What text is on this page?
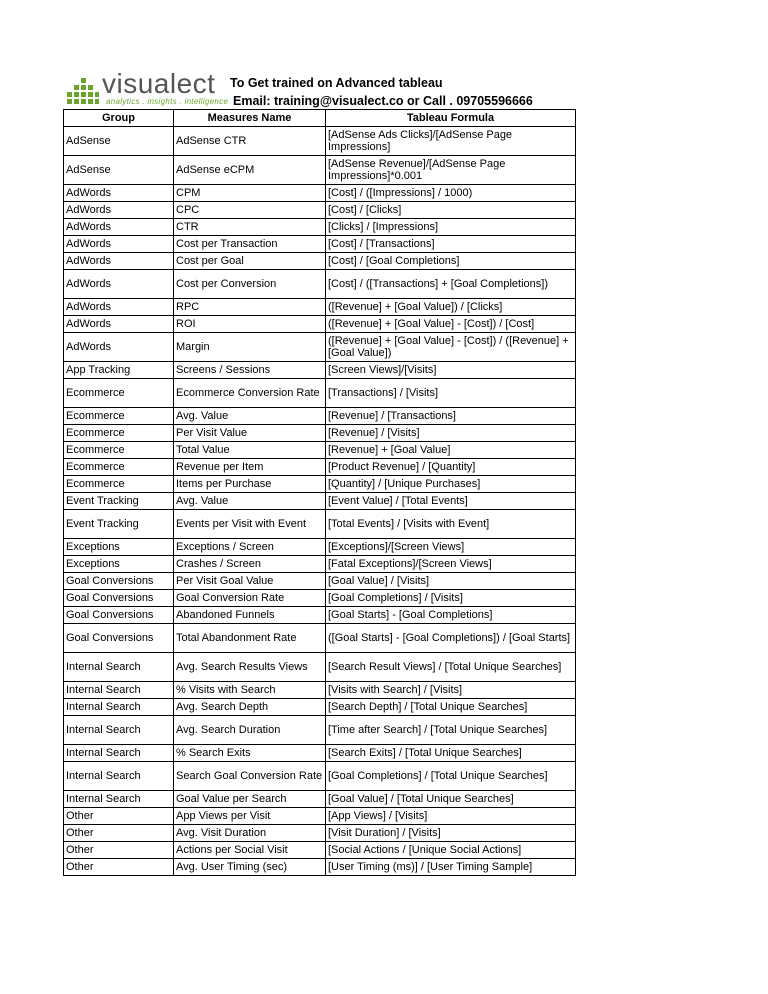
visualect
analytics . insights . intelligence
To Get trained on Advanced tableau
Email: training@visualect.co or Call . 09705596666
Group	Measures Name	Tableau Formula
AdSense	AdSense CTR	[AdSense Ads Clicks]/[AdSense Page Impressions]
AdSense	AdSense eCPM	[AdSense Revenue]/[AdSense Page Impressions]*0.001
AdWords	CPM	[Cost] / ([Impressions] / 1000)
AdWords	CPC	[Cost] / [Clicks]
AdWords	CTR	[Clicks] / [Impressions]
AdWords	Cost per Transaction	[Cost] / [Transactions]
AdWords	Cost per Goal	[Cost] / [Goal Completions]
AdWords	Cost per Conversion	[Cost] / ([Transactions] + [Goal Completions])
AdWords	RPC	([Revenue] + [Goal Value]) / [Clicks]
AdWords	ROI	([Revenue] + [Goal Value] - [Cost]) / [Cost]
AdWords	Margin	([Revenue] + [Goal Value] - [Cost]) / ([Revenue] + [Goal Value])
App Tracking	Screens / Sessions	[Screen Views]/[Visits]
Ecommerce	Ecommerce Conversion Rate	[Transactions] / [Visits]
Ecommerce	Avg. Value	[Revenue] / [Transactions]
Ecommerce	Per Visit Value	[Revenue] / [Visits]
Ecommerce	Total Value	[Revenue] + [Goal Value]
Ecommerce	Revenue per Item	[Product Revenue] / [Quantity]
Ecommerce	Items per Purchase	[Quantity] / [Unique Purchases]
Event Tracking	Avg. Value	[Event Value] / [Total Events]
Event Tracking	Events per Visit with Event	[Total Events] / [Visits with Event]
Exceptions	Exceptions / Screen	[Exceptions]/[Screen Views]
Exceptions	Crashes / Screen	[Fatal Exceptions]/[Screen Views]
Goal Conversions	Per Visit Goal Value	[Goal Value] / [Visits]
Goal Conversions	Goal Conversion Rate	[Goal Completions] / [Visits]
Goal Conversions	Abandoned Funnels	[Goal Starts] - [Goal Completions]
Goal Conversions	Total Abandonment Rate	([Goal Starts] - [Goal Completions]) / [Goal Starts]
Internal Search	Avg. Search Results Views	[Search Result Views] / [Total Unique Searches]
Internal Search	% Visits with Search	[Visits with Search] / [Visits]
Internal Search	Avg. Search Depth	[Search Depth] / [Total Unique Searches]
Internal Search	Avg. Search Duration	[Time after Search] / [Total Unique Searches]
Internal Search	% Search Exits	[Search Exits] / [Total Unique Searches]
Internal Search	Search Goal Conversion Rate	[Goal Completions] / [Total Unique Searches]
Internal Search	Goal Value per Search	[Goal Value] / [Total Unique Searches]
Other	App Views per Visit	[App Views] / [Visits]
Other	Avg. Visit Duration	[Visit Duration] / [Visits]
Other	Actions per Social Visit	[Social Actions / [Unique Social Actions]
Other	Avg. User Timing (sec)	[User Timing (ms)] / [User Timing Sample]
